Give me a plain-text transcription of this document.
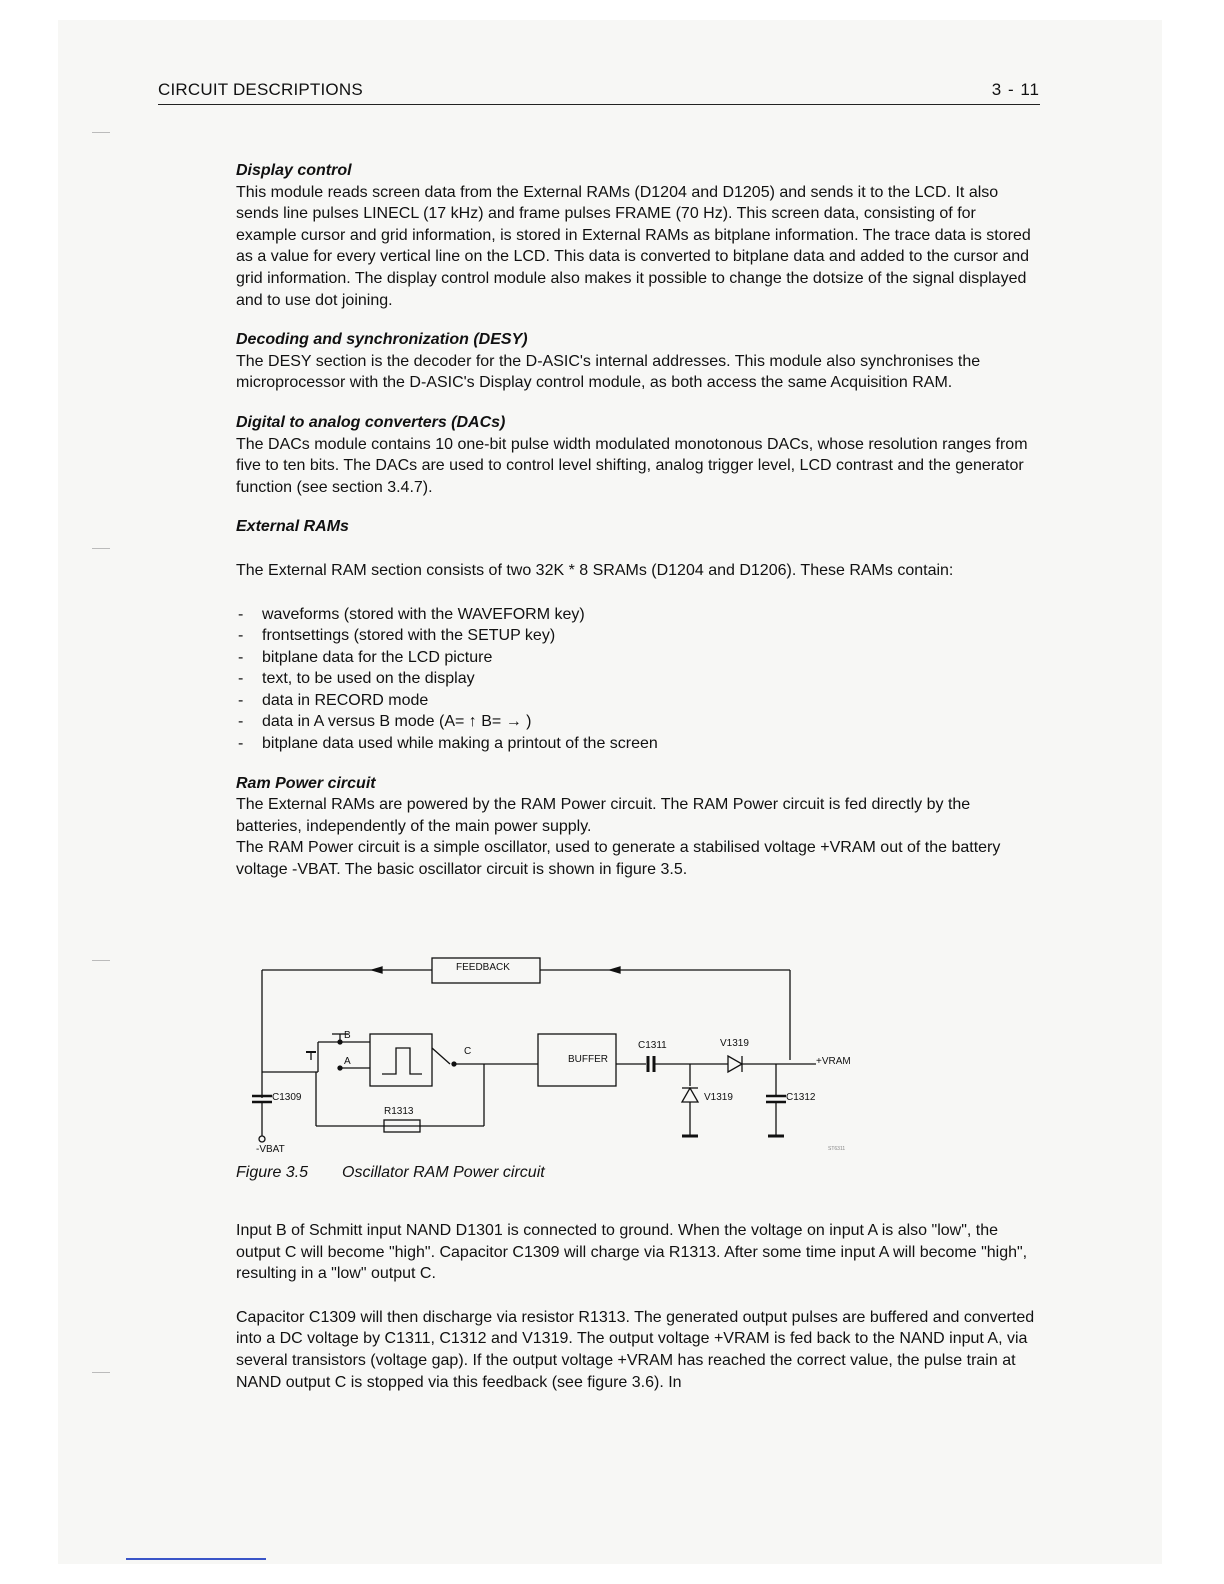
CIRCUIT DESCRIPTIONS	3 - 11
Display control

This module reads screen data from the External RAMs (D1204 and D1205) and sends it to the LCD. It also sends line pulses LINECL (17 kHz) and frame pulses FRAME (70 Hz). This screen data, consisting of for example cursor and grid information, is stored in External RAMs as bitplane information. The trace data is stored as a value for every vertical line on the LCD. This data is converted to bitplane data and added to the cursor and grid information. The display control module also makes it possible to change the dotsize of the signal displayed and to use dot joining.

Decoding and synchronization (DESY)

The DESY section is the decoder for the D-ASIC's internal addresses. This module also synchronises the microprocessor with the D-ASIC's Display control module, as both access the same Acquisition RAM.

Digital to analog converters (DACs)

The DACs module contains 10 one-bit pulse width modulated monotonous DACs, whose resolution ranges from five to ten bits. The DACs are used to control level shifting, analog trigger level, LCD contrast and the generator function (see section 3.4.7).

External RAMs

The External RAM section consists of two 32K * 8 SRAMs (D1204 and D1206). These RAMs contain:

- waveforms (stored with the WAVEFORM key)
- frontsettings (stored with the SETUP key)
- bitplane data for the LCD picture
- text, to be used on the display
- data in RECORD mode
- data in A versus B mode (A= ↑ B= → )
- bitplane data used while making a printout of the screen
Ram Power circuit

The External RAMs are powered by the RAM Power circuit. The RAM Power circuit is fed directly by the batteries, independently of the main power supply.

The RAM Power circuit is a simple oscillator, used to generate a stabilised voltage +VRAM out of the battery voltage -VBAT. The basic oscillator circuit is shown in figure 3.5.

FEEDBACK
BUFFER
B
A
C
C1309
R1313
C1311	V1319
V1319	C1312
+VRAM
-VBAT	ST6311
Figure 3.5 Oscillator RAM Power circuit

Input B of Schmitt input NAND D1301 is connected to ground. When the voltage on input A is also "low", the output C will become "high". Capacitor C1309 will charge via R1313. After some time input A will become "high", resulting in a "low" output C.

Capacitor C1309 will then discharge via resistor R1313. The generated output pulses are buffered and converted into a DC voltage by C1311, C1312 and V1319. The output voltage +VRAM is fed back to the NAND input A, via several transistors (voltage gap). If the output voltage +VRAM has reached the correct value, the pulse train at NAND output C is stopped via this feedback (see figure 3.6). In
